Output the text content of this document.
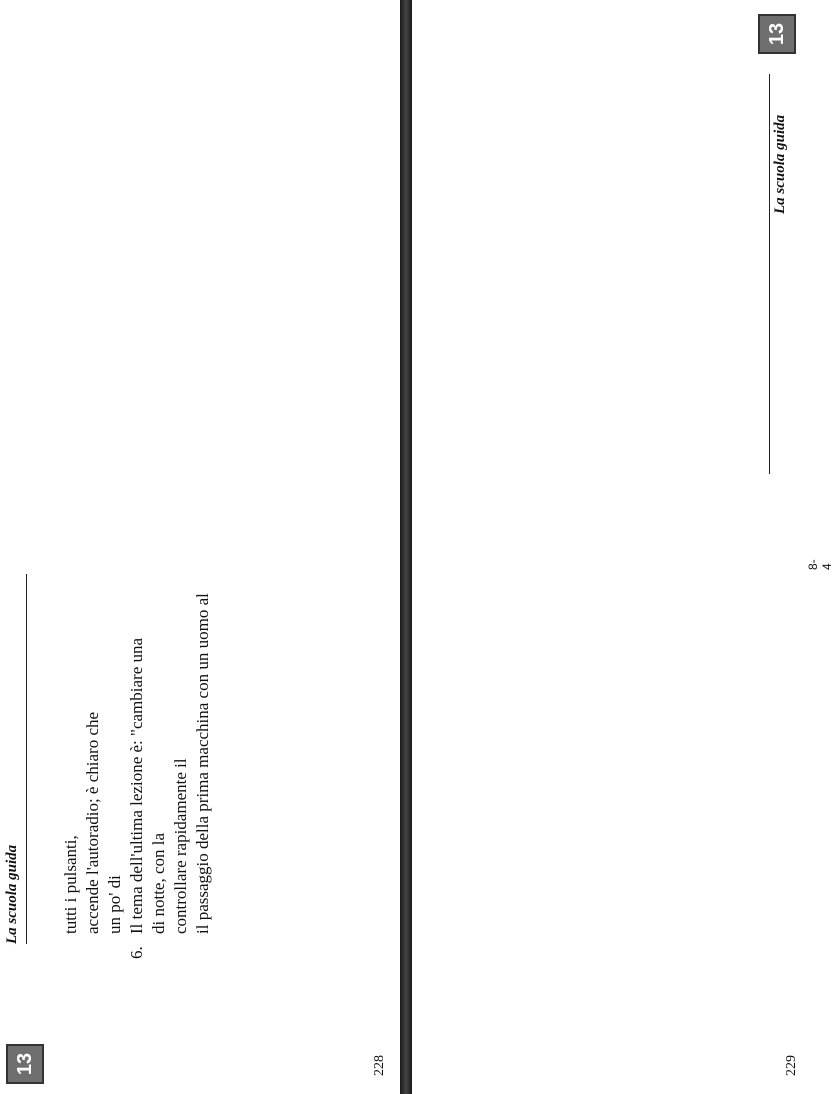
228
13
La scuola guida tutti i pulsanti, accende l'autoradio; è chiaro che un po' di
6.
Il tema dell'ultima lezione è: "cambiare una di notte, con la controllare rapidamente il il passaggio della prima macchina con un uomo al
229
13
La scuola guida
8-4
